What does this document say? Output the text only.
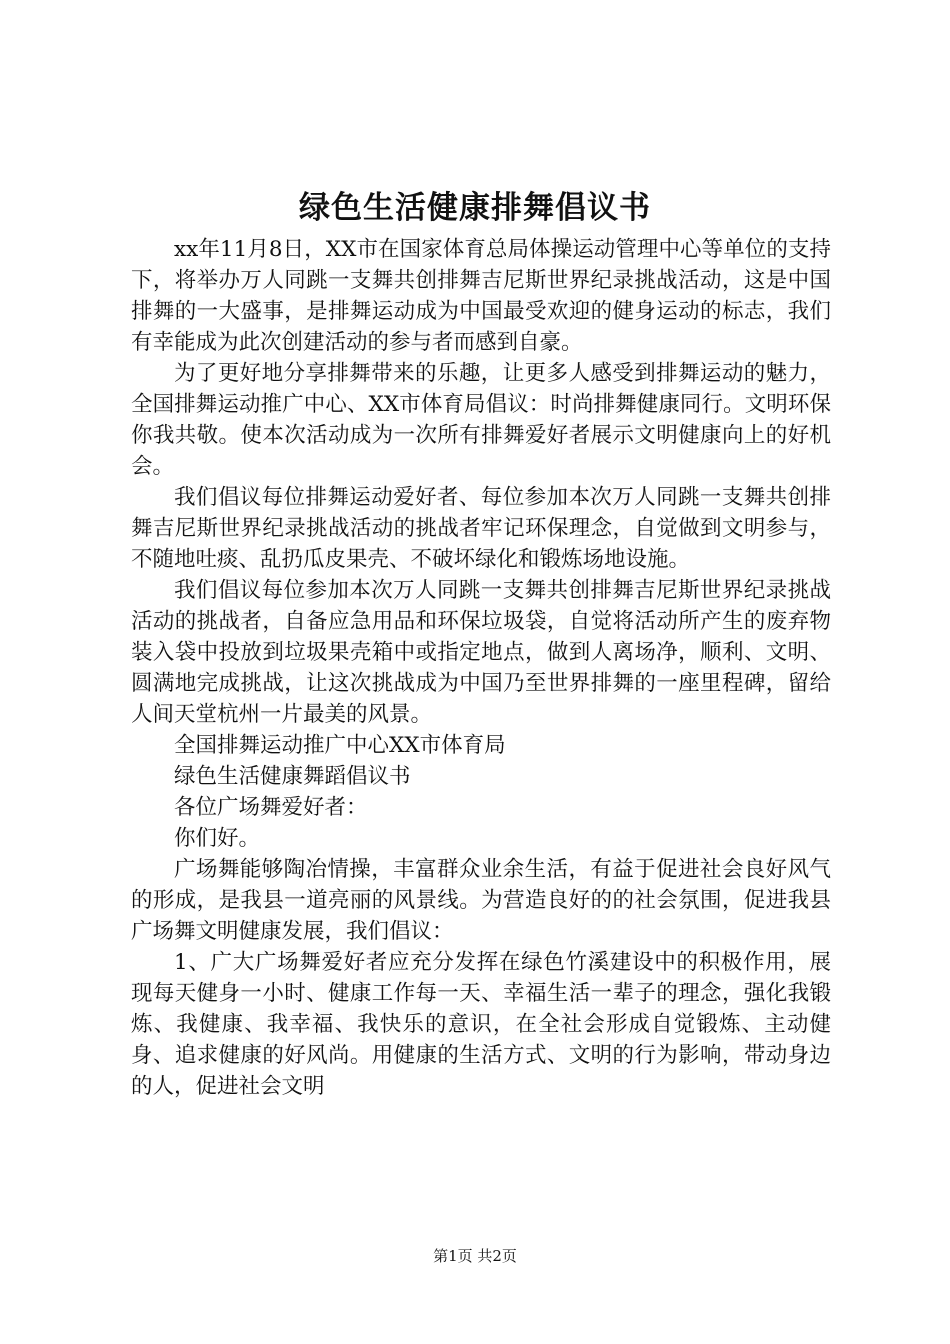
绿色生活健康排舞倡议书

xx年11月8日，XX市在国家体育总局体操运动管理中心等单位的支持下，将举办万人同跳一支舞共创排舞吉尼斯世界纪录挑战活动，这是中国排舞的一大盛事，是排舞运动成为中国最受欢迎的健身运动的标志，我们有幸能成为此次创建活动的参与者而感到自豪。

为了更好地分享排舞带来的乐趣，让更多人感受到排舞运动的魅力，全国排舞运动推广中心、XX市体育局倡议：时尚排舞健康同行。文明环保你我共敬。使本次活动成为一次所有排舞爱好者展示文明健康向上的好机会。

我们倡议每位排舞运动爱好者、每位参加本次万人同跳一支舞共创排舞吉尼斯世界纪录挑战活动的挑战者牢记环保理念，自觉做到文明参与，不随地吐痰、乱扔瓜皮果壳、不破坏绿化和锻炼场地设施。

我们倡议每位参加本次万人同跳一支舞共创排舞吉尼斯世界纪录挑战活动的挑战者，自备应急用品和环保垃圾袋，自觉将活动所产生的废弃物装入袋中投放到垃圾果壳箱中或指定地点，做到人离场净，顺利、文明、圆满地完成挑战，让这次挑战成为中国乃至世界排舞的一座里程碑，留给人间天堂杭州一片最美的风景。

全国排舞运动推广中心XX市体育局

绿色生活健康舞蹈倡议书

各位广场舞爱好者：

你们好。

广场舞能够陶冶情操，丰富群众业余生活，有益于促进社会良好风气的形成，是我县一道亮丽的风景线。为营造良好的的社会氛围，促进我县广场舞文明健康发展，我们倡议：

1、广大广场舞爱好者应充分发挥在绿色竹溪建设中的积极作用，展现每天健身一小时、健康工作每一天、幸福生活一辈子的理念，强化我锻炼、我健康、我幸福、我快乐的意识，在全社会形成自觉锻炼、主动健身、追求健康的好风尚。用健康的生活方式、文明的行为影响，带动身边的人，促进社会文明

第1页 共2页
